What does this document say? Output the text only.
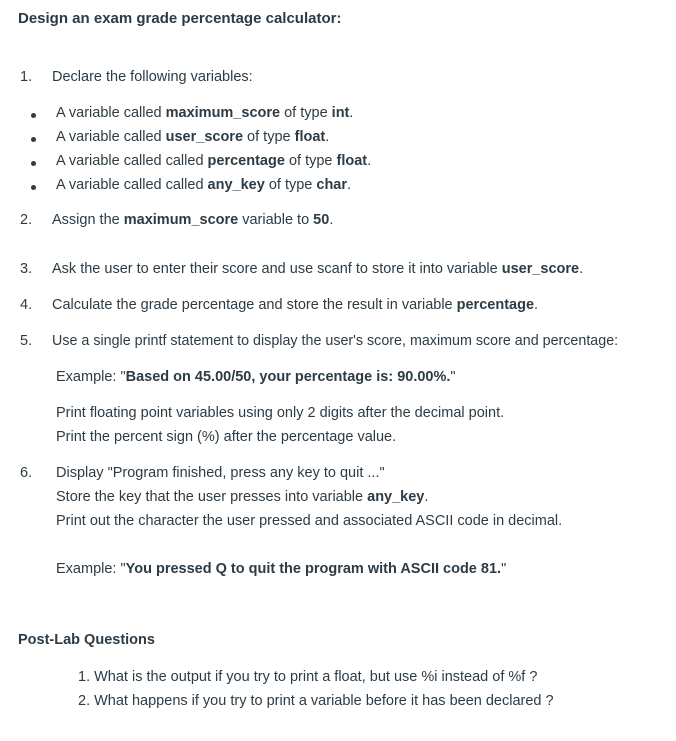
Design an exam grade percentage calculator:
1.	Declare the following variables:
A variable called maximum_score of type int.
A variable called user_score of type float.
A variable called called percentage of type float.
A variable called called any_key of type char.
2.	Assign the maximum_score variable to 50.
3.	Ask the user to enter their score and use scanf to store it into variable user_score.
4.	Calculate the grade percentage and store the result in variable percentage.
5.	Use a single printf statement to display the user's score, maximum score and percentage:
Example: "Based on 45.00/50, your percentage is: 90.00%."
Print floating point variables using only 2 digits after the decimal point.
Print the percent sign (%) after the percentage value.
6.	Display "Program finished, press any key to quit ..."
Store the key that the user presses into variable any_key.
Print out the character the user pressed and associated ASCII code in decimal.
Example: "You pressed Q to quit the program with ASCII code 81."
Post-Lab Questions
1. What is the output if you try to print a float, but use %i instead of %f ?
2. What happens if you try to print a variable before it has been declared ?
